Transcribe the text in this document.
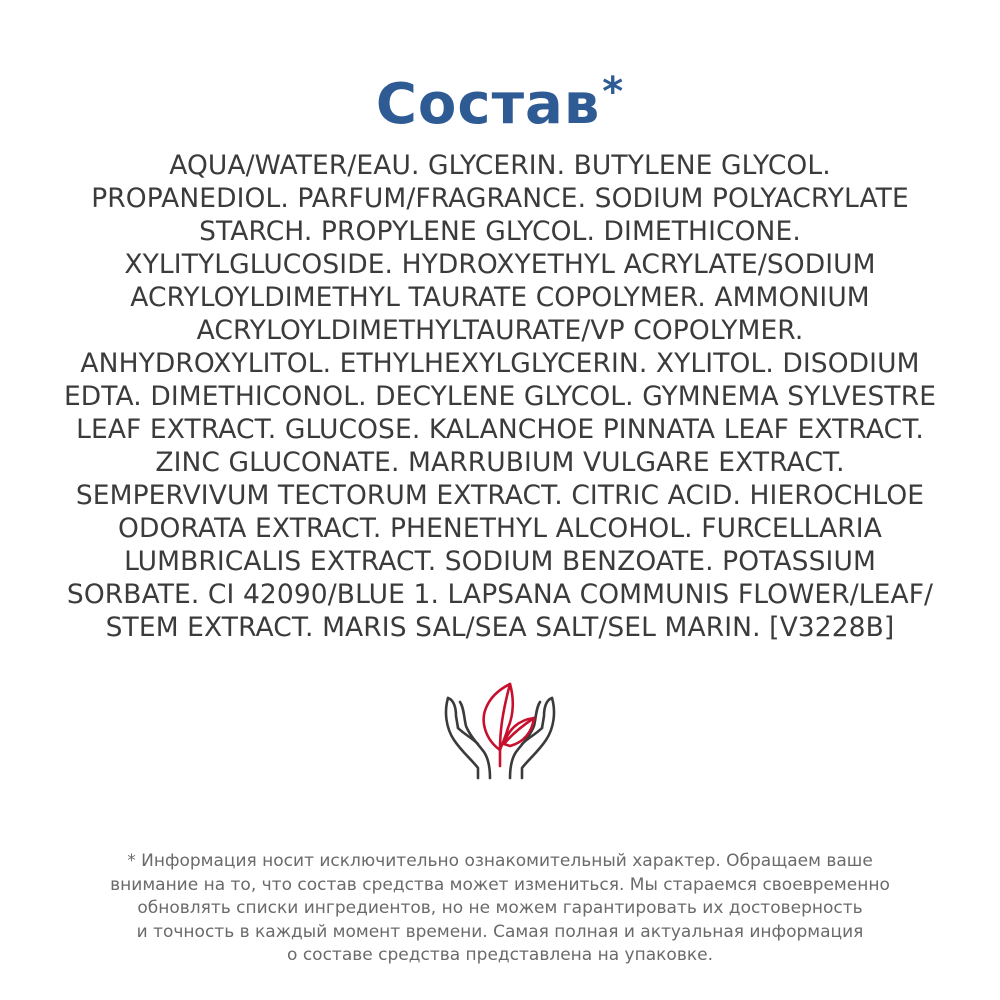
Состав*
AQUA/WATER/EAU. GLYCERIN. BUTYLENE GLYCOL.
PROPANEDIOL. PARFUM/FRAGRANCE. SODIUM POLYACRYLATE
STARCH. PROPYLENE GLYCOL. DIMETHICONE.
XYLITYLGLUCOSIDE. HYDROXYETHYL ACRYLATE/SODIUM
ACRYLOYLDIMETHYL TAURATE COPOLYMER. AMMONIUM
ACRYLOYLDIMETHYLTAURATE/VP COPOLYMER.
ANHYDROXYLITOL. ETHYLHEXYLGLYCERIN. XYLITOL. DISODIUM
EDTA. DIMETHICONOL. DECYLENE GLYCOL. GYMNEMA SYLVESTRE
LEAF EXTRACT. GLUCOSE. KALANCHOE PINNATA LEAF EXTRACT.
ZINC GLUCONATE. MARRUBIUM VULGARE EXTRACT.
SEMPERVIVUM TECTORUM EXTRACT. CITRIC ACID. HIEROCHLOE
ODORATA EXTRACT. PHENETHYL ALCOHOL. FURCELLARIA
LUMBRICALIS EXTRACT. SODIUM BENZOATE. POTASSIUM
SORBATE. CI 42090/BLUE 1. LAPSANA COMMUNIS FLOWER/LEAF/
STEM EXTRACT. MARIS SAL/SEA SALT/SEL MARIN. [V3228B]
* Информация носит исключительно ознакомительный характер. Обращаем ваше
внимание на то, что состав средства может измениться. Мы стараемся своевременно
обновлять списки ингредиентов, но не можем гарантировать их достоверность
и точность в каждый момент времени. Самая полная и актуальная информация
о составе средства представлена на упаковке.
